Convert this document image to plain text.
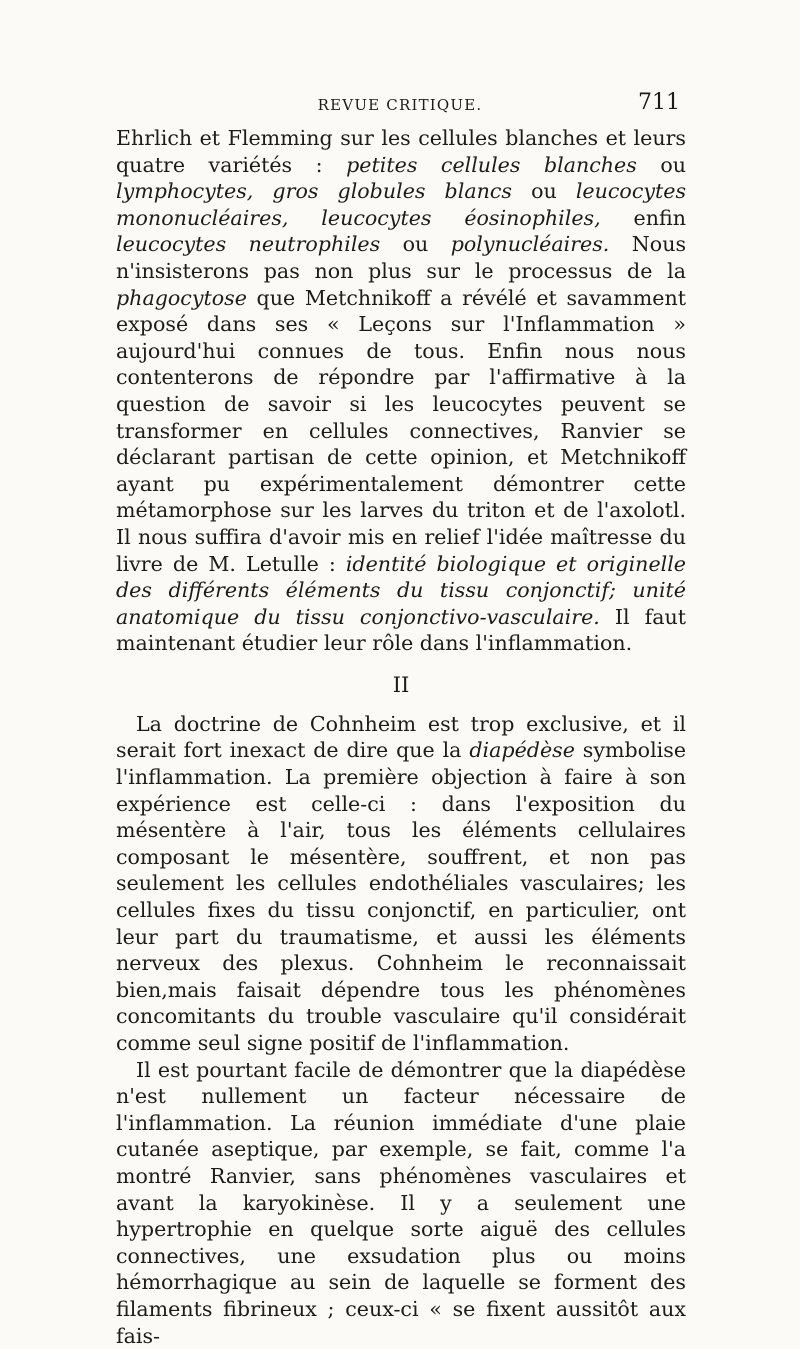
REVUE CRITIQUE.	711

Ehrlich et Flemming sur les cellules blanches et leurs quatre variétés : petites cellules blanches ou lymphocytes, gros globules blancs ou leucocytes mononucléaires, leucocytes éosinophiles, enfin leucocytes neutrophiles ou polynucléaires. Nous n'insisterons pas non plus sur le processus de la phagocytose que Metchnikoff a révélé et savamment exposé dans ses « Leçons sur l'Inflammation » aujourd'hui connues de tous. Enfin nous nous contenterons de répondre par l'affirmative à la question de savoir si les leucocytes peuvent se transformer en cellules connectives, Ranvier se déclarant partisan de cette opinion, et Metchnikoff ayant pu expérimentalement démontrer cette métamorphose sur les larves du triton et de l'axolotl. Il nous suffira d'avoir mis en relief l'idée maîtresse du livre de M. Letulle : identité biologique et originelle des différents éléments du tissu conjonctif; unité anatomique du tissu conjonctivo-vasculaire. Il faut maintenant étudier leur rôle dans l'inflammation.

II

La doctrine de Cohnheim est trop exclusive, et il serait fort inexact de dire que la diapédèse symbolise l'inflammation. La première objection à faire à son expérience est celle-ci : dans l'exposition du mésentère à l'air, tous les éléments cellulaires composant le mésentère, souffrent, et non pas seulement les cellules endothéliales vasculaires; les cellules fixes du tissu conjonctif, en particulier, ont leur part du traumatisme, et aussi les éléments nerveux des plexus. Cohnheim le reconnaissait bien,mais faisait dépendre tous les phénomènes concomitants du trouble vasculaire qu'il considérait comme seul signe positif de l'inflammation.

Il est pourtant facile de démontrer que la diapédèse n'est nullement un facteur nécessaire de l'inflammation. La réunion immédiate d'une plaie cutanée aseptique, par exemple, se fait, comme l'a montré Ranvier, sans phénomènes vasculaires et avant la karyokinèse. Il y a seulement une hypertrophie en quelque sorte aiguë des cellules connectives, une exsudation plus ou moins hémorrhagique au sein de laquelle se forment des filaments fibrineux ; ceux-ci « se fixent aussitôt aux fais-
